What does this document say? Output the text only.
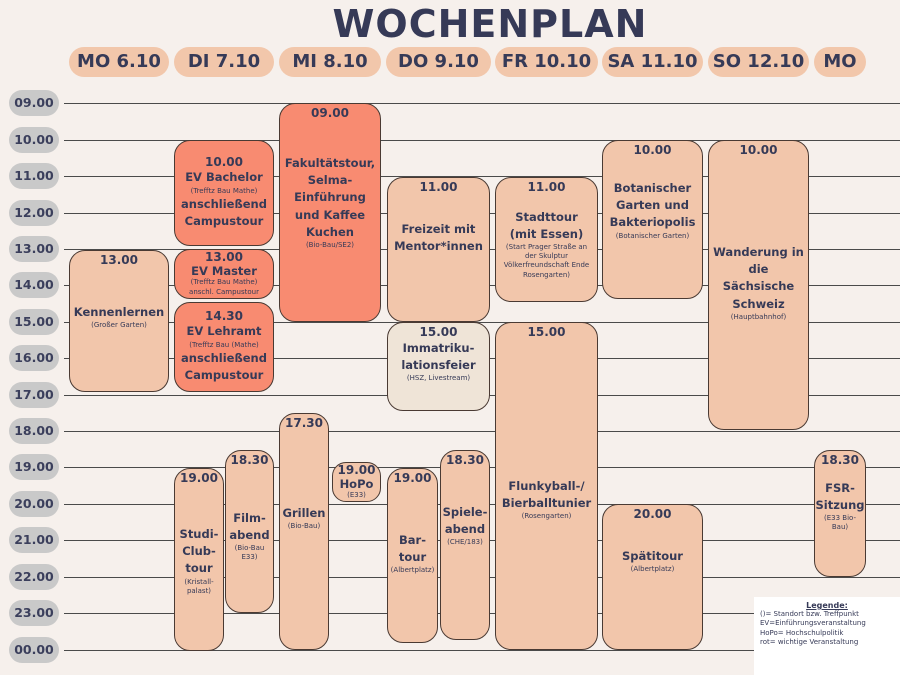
WOCHENPLAN
MO 6.10	DI 7.10	MI 8.10	DO 9.10	FR 10.10 SA 11.10 SO 12.10	MO
09.00
10.00
11.00
12.00
13.00
14.00
15.00
16.00
17.00
18.00
19.00
20.00
21.00
22.00
23.00
00.00
13.00
Kennenlernen
(Großer Garten)
10.00
EV Bachelor
(Trefftz Bau Mathe)
anschließend
Campustour
13.00
EV Master
(Trefftz Bau Mathe)
anschl. Campustour
14.30
EV Lehramt
(Trefftz Bau (Mathe)
anschließend
Campustour
19.00
Studi-
Club-
tour
(Kristall-
palast)
18.30
Film-
abend
(Bio-Bau
E33)
09.00
Fakultätstour,
Selma-
Einführung
und Kaffee
Kuchen
(Bio-Bau/SE2)
17.30
Grillen
(Bio-Bau)
19.00
HoPo
(E33)
11.00
Freizeit mit
Mentor*innen
15.00
Immatriku-
lationsfeier
(HSZ, Livestream)
19.00
Bar-
tour
(Albertplatz)
18.30
Spiele-
abend
(CHE/183)
11.00
Stadttour
(mit Essen)
(Start Prager Straße an
der Skulptur
Völkerfreundschaft Ende
Rosengarten)
15.00
Flunkyball-/
Bierballtunier
(Rosengarten)
10.00
Botanischer
Garten und
Bakteriopolis
(Botanischer Garten)
20.00
Spätitour
(Albertplatz)
10.00
Wanderung in
die Sächsische
Schweiz
(Hauptbahnhof)
18.30
FSR-
Sitzung
(E33 Bio-
Bau)
Legende:
()= Standort bzw. Treffpunkt
EV=Einführungsveranstaltung
HoPo= Hochschulpolitik
rot= wichtige Veranstaltung
